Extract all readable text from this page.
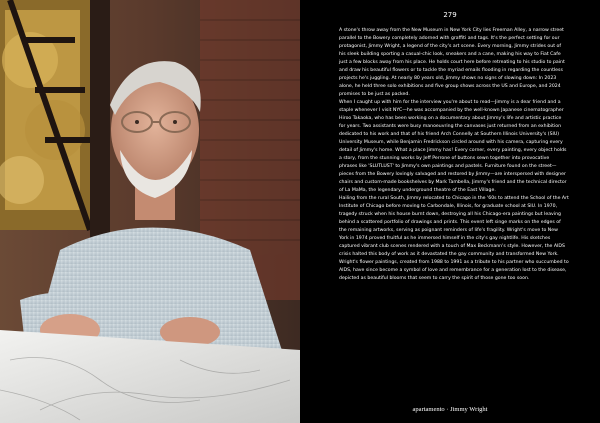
279

A stone's throw away from the New Museum in New York City lies Freeman Alley, a narrow street parallel to the Bowery completely adorned with graffiti and tags. It's the perfect setting for our protagonist, Jimmy Wright, a legend of the city's art scene. Every morning, Jimmy strides out of his sleek building sporting a casual-chic look, sneakers and a cane, making his way to Fiat Cafe just a few blocks away from his place. He holds court here before retreating to his studio to paint and draw his beautiful flowers or to tackle the myriad emails flooding in regarding the countless projects he's juggling. At nearly 80 years old, Jimmy shows no signs of slowing down: In 2023 alone, he held three solo exhibitions and five group shows across the US and Europe, and 2024 promises to be just as packed.

When I caught up with him for the interview you're about to read—Jimmy is a dear friend and a staple whenever I visit NYC—he was accompanied by the well-known Japanese cinematographer Hiroo Takaoka, who has been working on a documentary about Jimmy's life and artistic practice for years. Two assistants were busy manoeuvring the canvases just returned from an exhibition dedicated to his work and that of his friend Arch Connelly at Southern Illinois University's (SIU) University Museum, while Benjamin Fredrickson circled around with his camera, capturing every detail of Jimmy's home. What a place Jimmy has! Every corner, every painting, every object holds a story, from the stunning works by Jeff Perrone of buttons sewn together into provocative phrases like 'SLUTLUST' to Jimmy's own paintings and pastels. Furniture found on the street—pieces from the Bowery lovingly salvaged and restored by Jimmy—are interspersed with designer chairs and custom-made bookshelves by Mark Tambella, Jimmy's friend and the technical director of La MaMa, the legendary underground theatre of the East Village.

Hailing from the rural South, Jimmy relocated to Chicago in the '60s to attend the School of the Art Institute of Chicago before moving to Carbondale, Illinois, for graduate school at SIU. In 1970, tragedy struck when his house burnt down, destroying all his Chicago-era paintings but leaving behind a scattered portfolio of drawings and prints. This event left singe marks on the edges of the remaining artworks, serving as poignant reminders of life's fragility. Wright's move to New York in 1974 proved fruitful as he immersed himself in the city's gay nightlife. His sketches captured vibrant club scenes rendered with a touch of Max Beckmann's style. However, the AIDS crisis halted this body of work as it devastated the gay community and transformed New York. Wright's flower paintings, created from 1988 to 1991 as a tribute to his partner who succumbed to AIDS, have since become a symbol of love and remembrance for a generation lost to the disease, depicted as beautiful blooms that seem to carry the spirit of those gone too soon.

apartamento · Jimmy Wright
